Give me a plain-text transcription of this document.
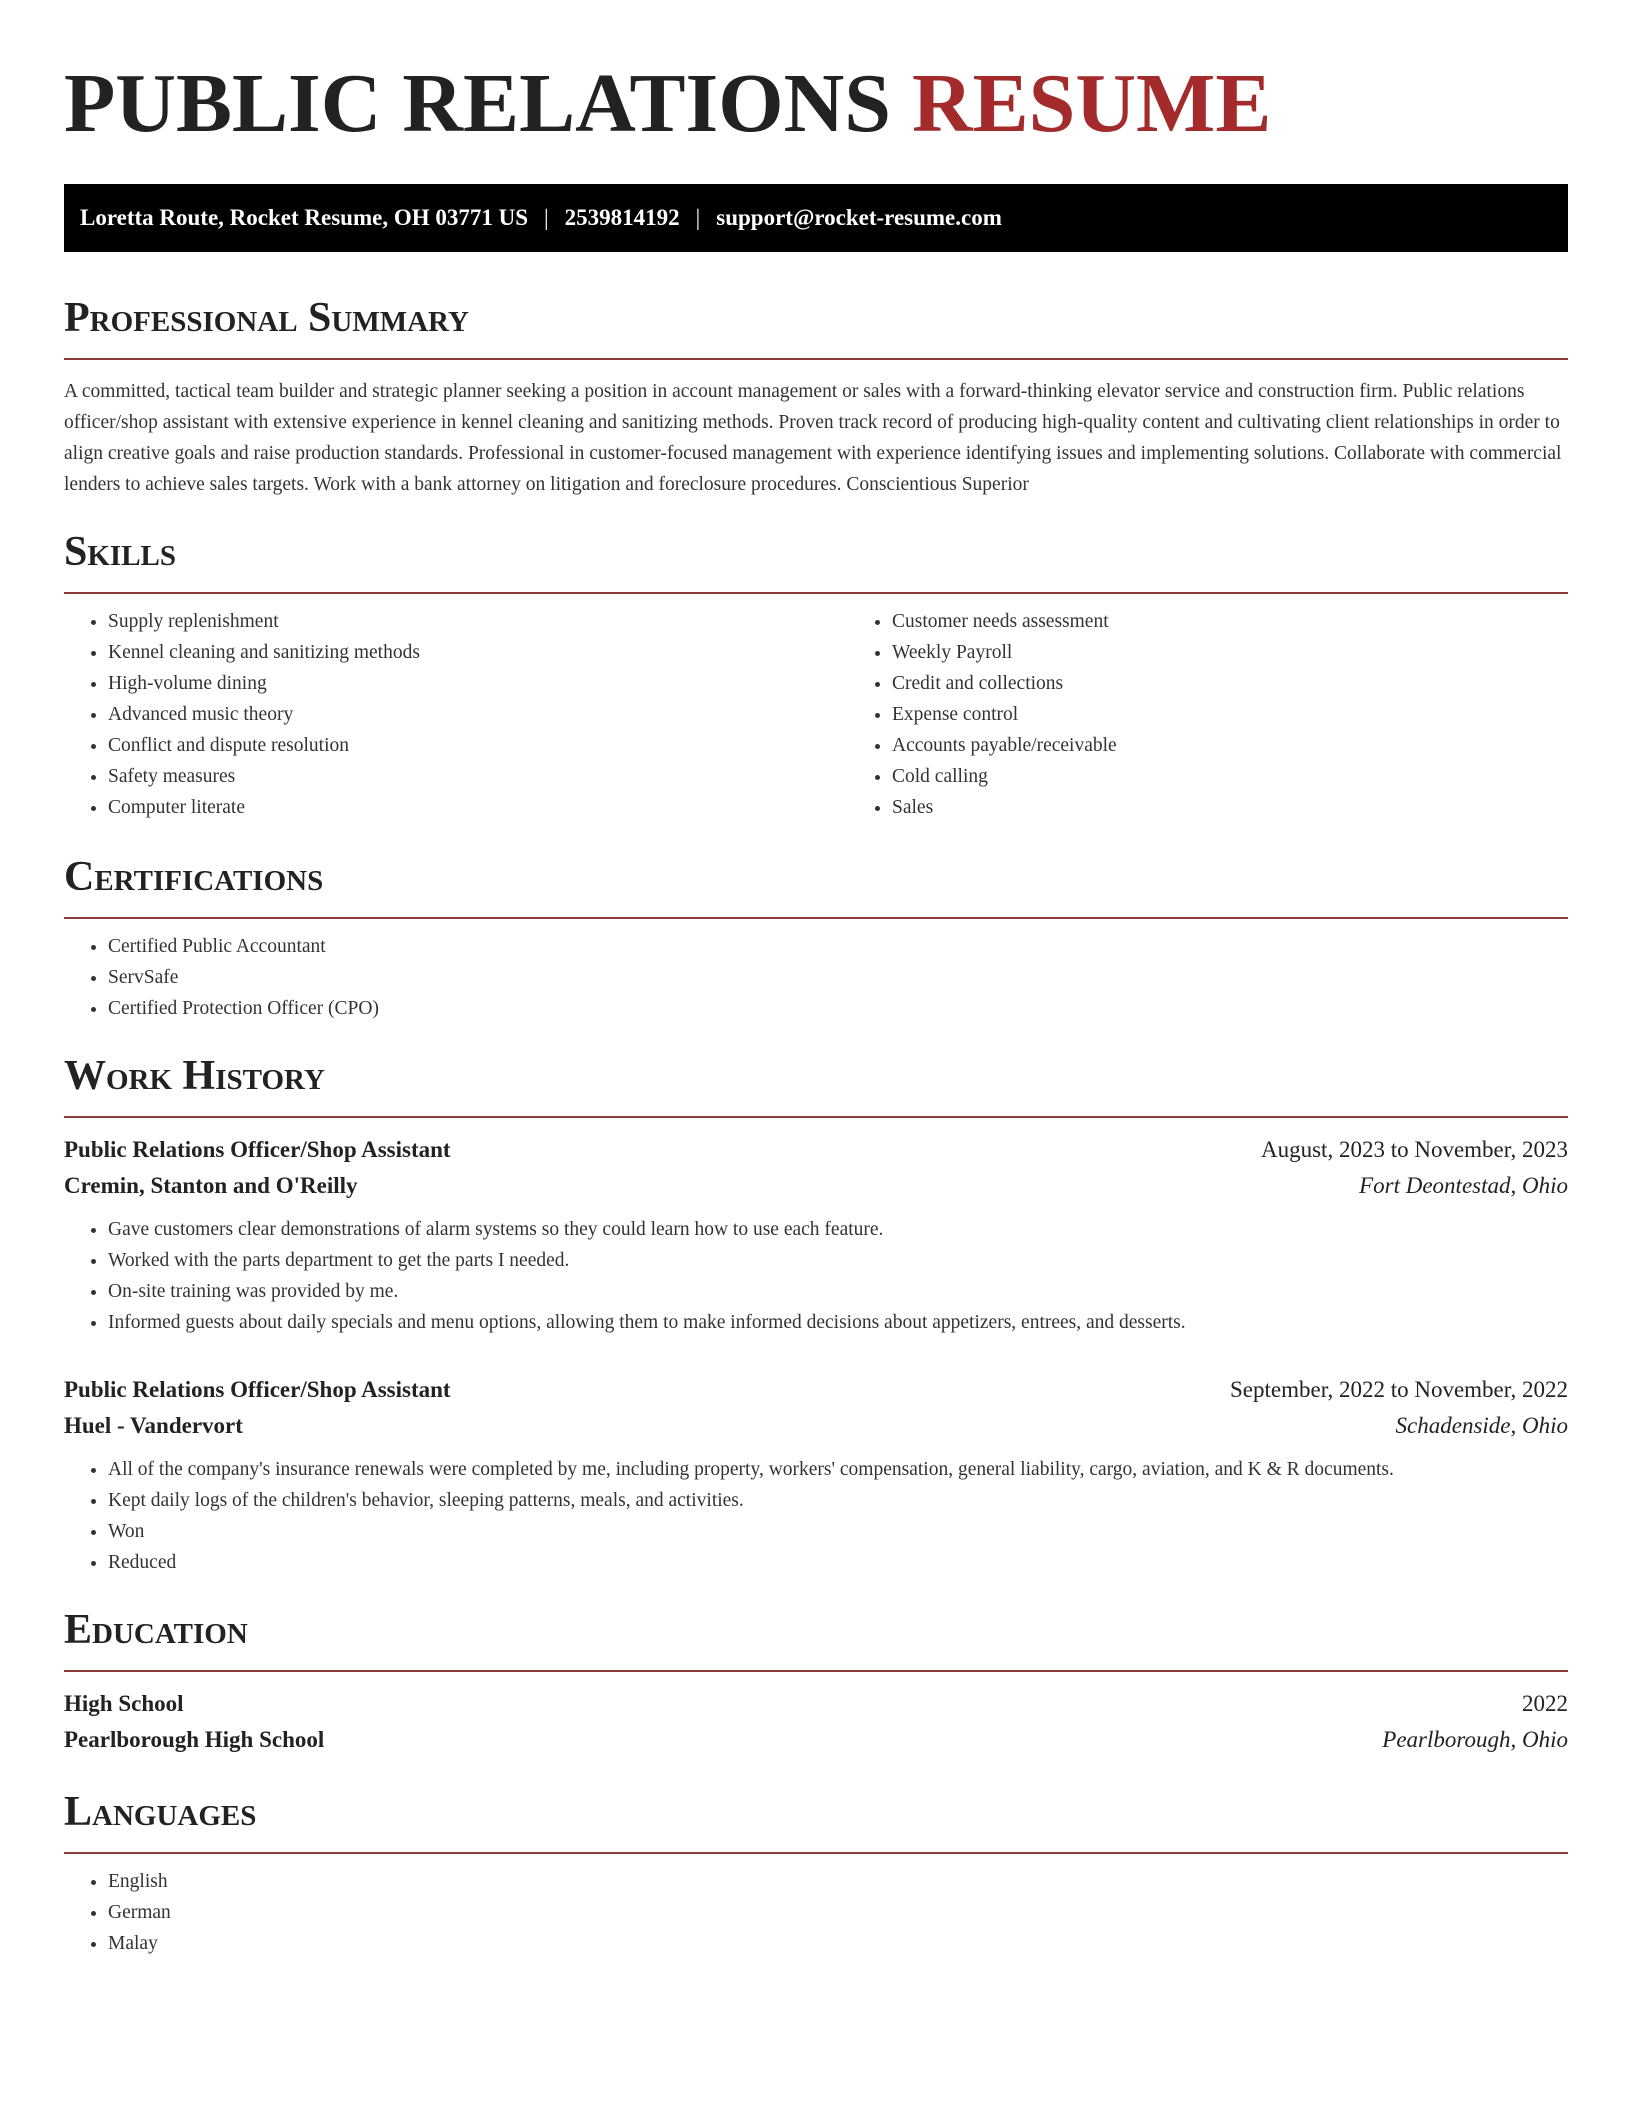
PUBLIC RELATIONS RESUME
Loretta Route, Rocket Resume, OH 03771 US | 2539814192 | support@rocket-resume.com
Professional Summary

A committed, tactical team builder and strategic planner seeking a position in account management or sales with a forward-thinking elevator service and construction firm. Public relations officer/shop assistant with extensive experience in kennel cleaning and sanitizing methods. Proven track record of producing high-quality content and cultivating client relationships in order to align creative goals and raise production standards. Professional in customer-focused management with experience identifying issues and implementing solutions. Collaborate with commercial lenders to achieve sales targets. Work with a bank attorney on litigation and foreclosure procedures. Conscientious Superior

Skills
• Supply replenishment
• Kennel cleaning and sanitizing methods
• High-volume dining
• Advanced music theory
• Conflict and dispute resolution
• Safety measures
• Computer literate
• Customer needs assessment
• Weekly Payroll
• Credit and collections
• Expense control
• Accounts payable/receivable
• Cold calling
• Sales
Certifications
• Certified Public Accountant
• ServSafe
• Certified Protection Officer (CPO)
Work History
Public Relations Officer/Shop Assistant	August, 2023 to November, 2023
Cremin, Stanton and O'Reilly	Fort Deontestad, Ohio
• Gave customers clear demonstrations of alarm systems so they could learn how to use each feature.
• Worked with the parts department to get the parts I needed.
• On-site training was provided by me.
• Informed guests about daily specials and menu options, allowing them to make informed decisions about appetizers, entrees, and desserts.
Public Relations Officer/Shop Assistant	September, 2022 to November, 2022
Huel - Vandervort	Schadenside, Ohio
• All of the company's insurance renewals were completed by me, including property, workers' compensation, general liability, cargo, aviation, and K & R documents.
• Kept daily logs of the children's behavior, sleeping patterns, meals, and activities.
• Won
• Reduced
Education
High School	2022
Pearlborough High School	Pearlborough, Ohio
Languages
• English
• German
• Malay
